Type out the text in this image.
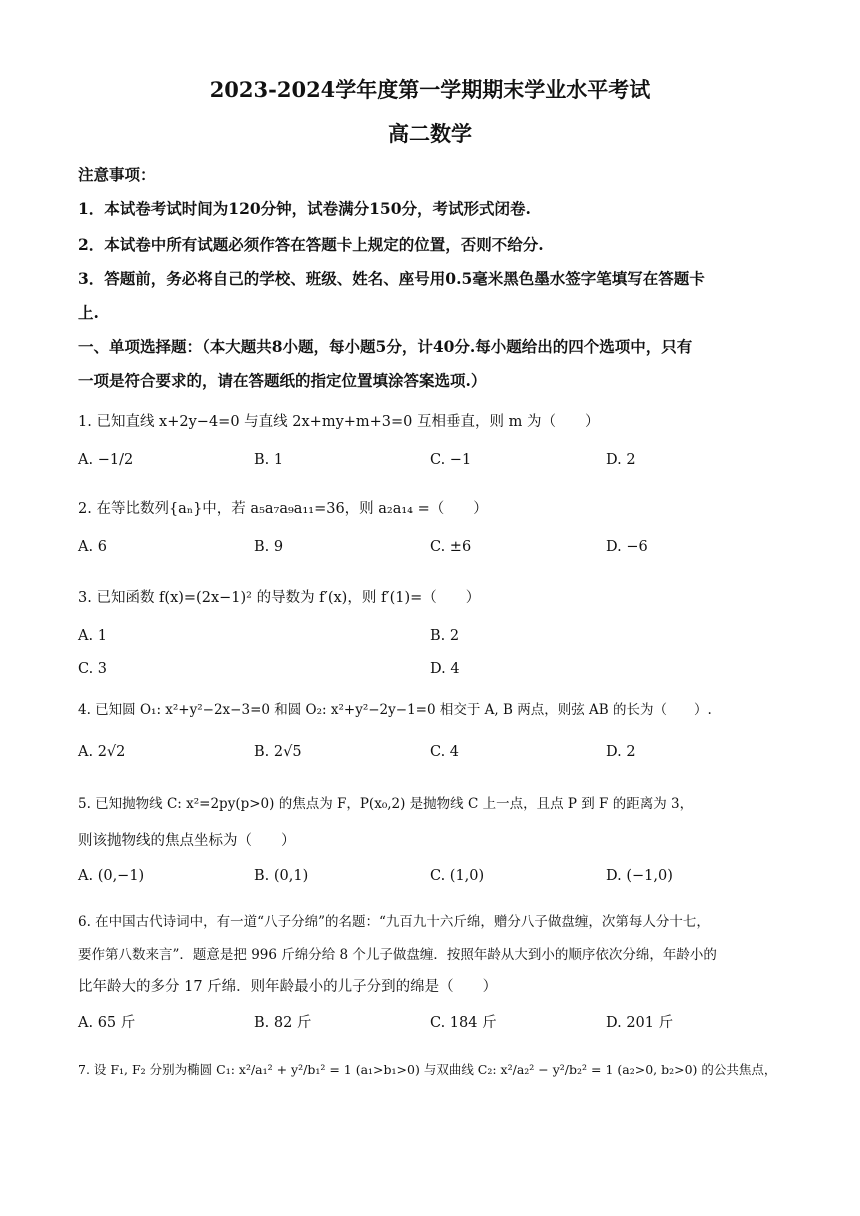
2023-2024学年度第一学期期末学业水平考试
高二数学
注意事项：
1．本试卷考试时间为120分钟，试卷满分150分，考试形式闭卷.
2．本试卷中所有试题必须作答在答题卡上规定的位置，否则不给分.
3．答题前，务必将自己的学校、班级、姓名、座号用0.5毫米黑色墨水签字笔填写在答题卡
上.
一、单项选择题：（本大题共8小题，每小题5分，计40分.每小题给出的四个选项中，只有
一项是符合要求的，请在答题纸的指定位置填涂答案选项.）
1. 已知直线 x+2y−4=0 与直线 2x+my+m+3=0 互相垂直，则 m 为（　　）
A. −1/2	B. 1	C. −1	D. 2
2. 在等比数列{aₙ}中，若 a₅a₇a₉a₁₁=36，则 a₂a₁₄ =（　　）
A. 6	B. 9	C. ±6	D. −6
3. 已知函数 f(x)=(2x−1)² 的导数为 f′(x)，则 f′(1)=（　　）
A. 1	B. 2
C. 3	D. 4
4. 已知圆 O₁: x²+y²−2x−3=0 和圆 O₂: x²+y²−2y−1=0 相交于 A, B 两点，则弦 AB 的长为（　　）.
A. 2√2	B. 2√5	C. 4	D. 2
5. 已知抛物线 C: x²=2py(p>0) 的焦点为 F，P(x₀,2) 是抛物线 C 上一点，且点 P 到 F 的距离为 3，
则该抛物线的焦点坐标为（　　）
A. (0,−1)	B. (0,1)	C. (1,0)	D. (−1,0)
6. 在中国古代诗词中，有一道“八子分绵”的名题：“九百九十六斤绵，赠分八子做盘缠，次第每人分十七，
要作第八数来言”．题意是把 996 斤绵分给 8 个儿子做盘缠．按照年龄从大到小的顺序依次分绵，年龄小的
比年龄大的多分 17 斤绵．则年龄最小的儿子分到的绵是（　　）
A. 65 斤	B. 82 斤	C. 184 斤	D. 201 斤
7. 设 F₁, F₂ 分别为椭圆 C₁: x²/a₁² + y²/b₁² = 1 (a₁>b₁>0) 与双曲线 C₂: x²/a₂² − y²/b₂² = 1 (a₂>0, b₂>0) 的公共焦点，
